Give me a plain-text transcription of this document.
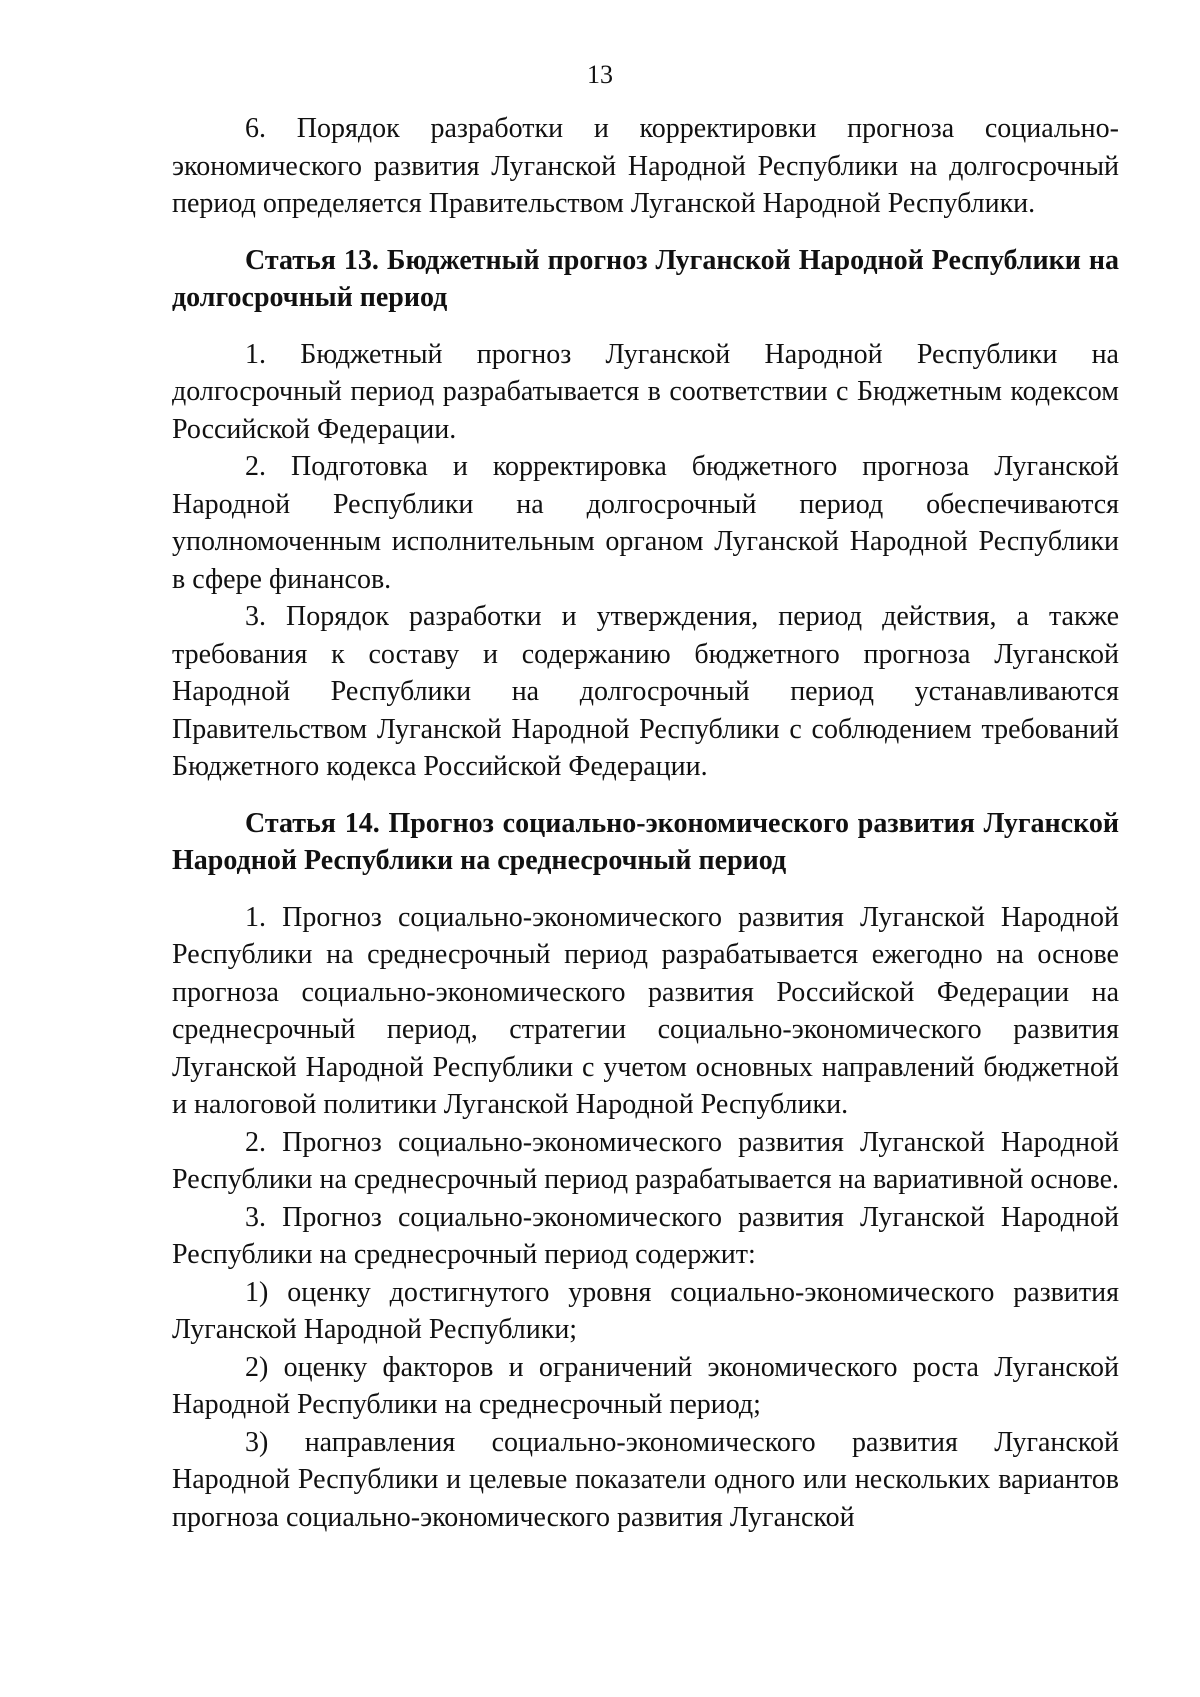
13

6. Порядок разработки и корректировки прогноза социально-экономического развития Луганской Народной Республики на долгосрочный период определяется Правительством Луганской Народной Республики.

Статья 13. Бюджетный прогноз Луганской Народной Республики на долгосрочный период

1. Бюджетный прогноз Луганской Народной Республики на долгосрочный период разрабатывается в соответствии с Бюджетным кодексом Российской Федерации.

2. Подготовка и корректировка бюджетного прогноза Луганской Народной Республики на долгосрочный период обеспечиваются уполномоченным исполнительным органом Луганской Народной Республики в сфере финансов.

3. Порядок разработки и утверждения, период действия, а также требования к составу и содержанию бюджетного прогноза Луганской Народной Республики на долгосрочный период устанавливаются Правительством Луганской Народной Республики с соблюдением требований Бюджетного кодекса Российской Федерации.

Статья 14. Прогноз социально-экономического развития Луганской Народной Республики на среднесрочный период

1. Прогноз социально-экономического развития Луганской Народной Республики на среднесрочный период разрабатывается ежегодно на основе прогноза социально-экономического развития Российской Федерации на среднесрочный период, стратегии социально-экономического развития Луганской Народной Республики с учетом основных направлений бюджетной и налоговой политики Луганской Народной Республики.

2. Прогноз социально-экономического развития Луганской Народной Республики на среднесрочный период разрабатывается на вариативной основе.

3. Прогноз социально-экономического развития Луганской Народной Республики на среднесрочный период содержит:

1) оценку достигнутого уровня социально-экономического развития Луганской Народной Республики;

2) оценку факторов и ограничений экономического роста Луганской Народной Республики на среднесрочный период;

3) направления социально-экономического развития Луганской Народной Республики и целевые показатели одного или нескольких вариантов прогноза социально-экономического развития Луганской
